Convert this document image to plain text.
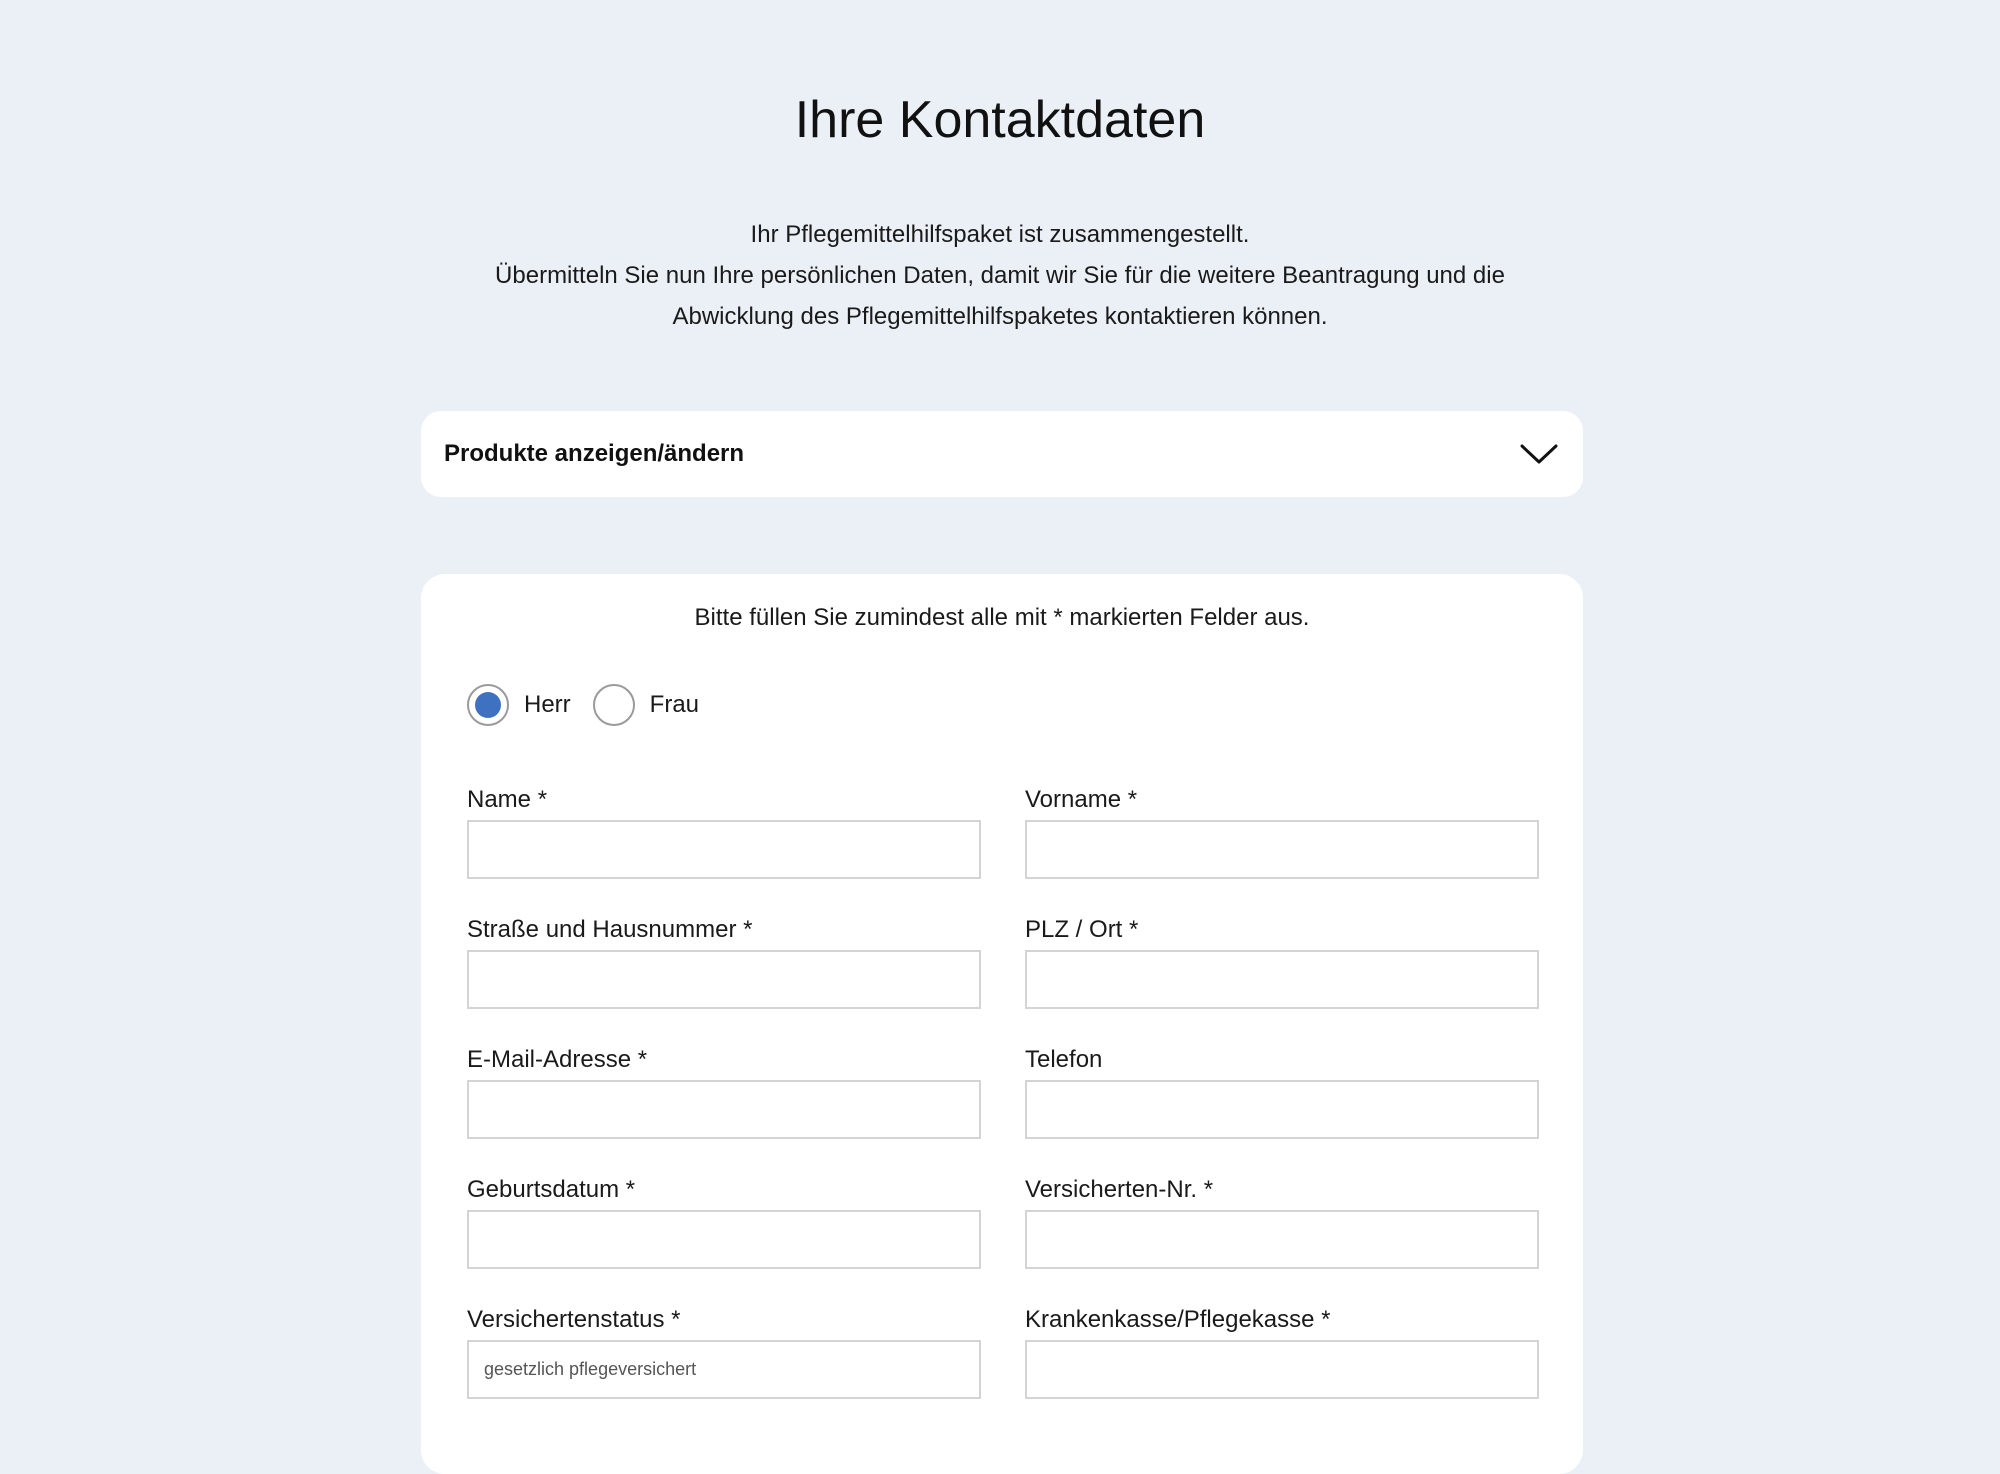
Ihre Kontaktdaten
Ihr Pflegemittelhilfspaket ist zusammengestellt.
Übermitteln Sie nun Ihre persönlichen Daten, damit wir Sie für die weitere Beantragung und die
Abwicklung des Pflegemittelhilfspaketes kontaktieren können.
Produkte anzeigen/ändern
Bitte füllen Sie zumindest alle mit * markierten Felder aus.
Herr	Frau
Name *	Vorname *
Straße und Hausnummer *	PLZ / Ort *
E-Mail-Adresse *	Telefon
Geburtsdatum *	Versicherten-Nr. *
Versichertenstatus *
gesetzlich pflegeversichert
Krankenkasse/Pflegekasse *
